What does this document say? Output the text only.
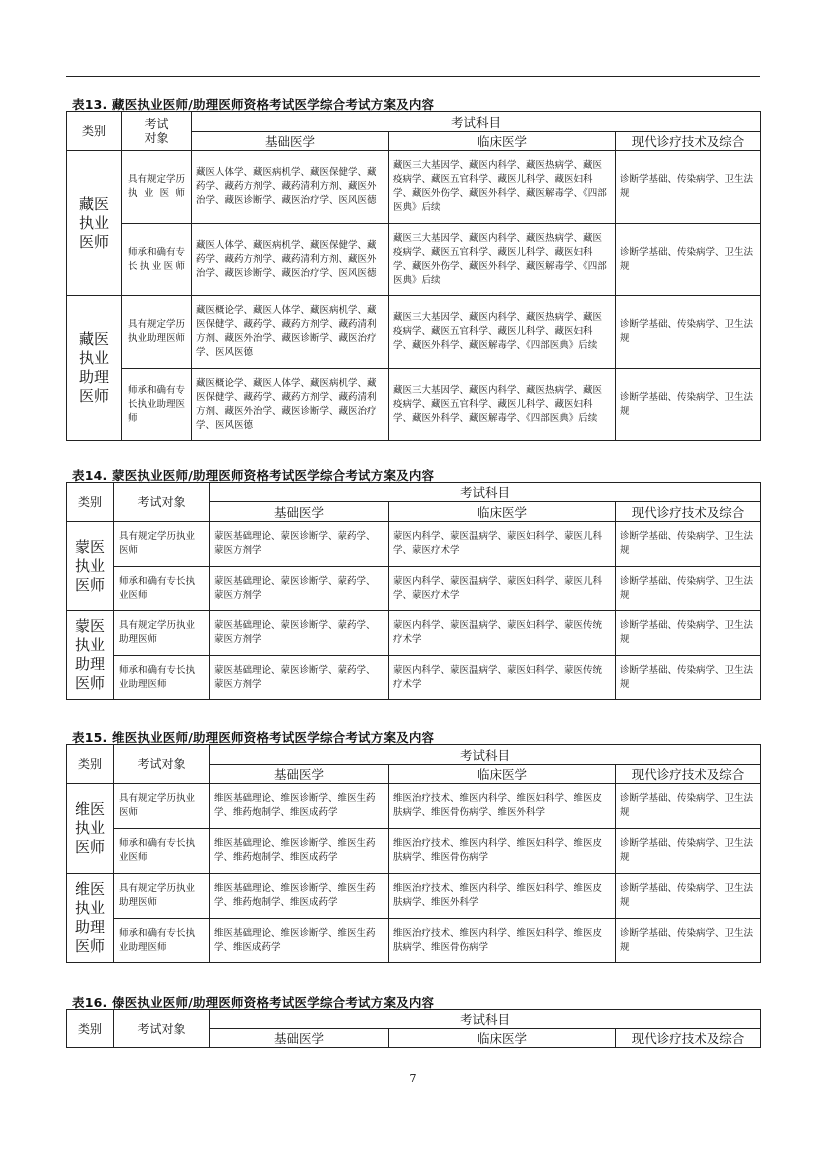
表13. 藏医执业医师/助理医师资格考试医学综合考试方案及内容
类别	考试
对象	考试科目		
		基础医学	临床医学	现代诊疗技术及综合
藏医
执业
医师	具有规定学历执业医师	藏医人体学、藏医病机学、藏医保健学、藏药学、藏药方剂学、藏药清利方剂、藏医外治学、藏医诊断学、藏医治疗学、医风医德	藏医三大基因学、藏医内科学、藏医热病学、藏医疫病学、藏医五官科学、藏医儿科学、藏医妇科学、藏医外伤学、藏医外科学、藏医解毒学、《四部医典》后续	诊断学基础、传染病学、卫生法规
	师承和确有专长执业医师	藏医人体学、藏医病机学、藏医保健学、藏药学、藏药方剂学、藏药清利方剂、藏医外治学、藏医诊断学、藏医治疗学、医风医德	藏医三大基因学、藏医内科学、藏医热病学、藏医疫病学、藏医五官科学、藏医儿科学、藏医妇科学、藏医外伤学、藏医外科学、藏医解毒学、《四部医典》后续	诊断学基础、传染病学、卫生法规
藏医
执业
助理
医师	具有规定学历执业助理医师	藏医概论学、藏医人体学、藏医病机学、藏医保健学、藏药学、藏药方剂学、藏药清利方剂、藏医外治学、藏医诊断学、藏医治疗学、医风医德	藏医三大基因学、藏医内科学、藏医热病学、藏医疫病学、藏医五官科学、藏医儿科学、藏医妇科学、藏医外科学、藏医解毒学、《四部医典》后续	诊断学基础、传染病学、卫生法规
	师承和确有专长执业助理医师	藏医概论学、藏医人体学、藏医病机学、藏医保健学、藏药学、藏药方剂学、藏药清利方剂、藏医外治学、藏医诊断学、藏医治疗学、医风医德	藏医三大基因学、藏医内科学、藏医热病学、藏医疫病学、藏医五官科学、藏医儿科学、藏医妇科学、藏医外科学、藏医解毒学、《四部医典》后续	诊断学基础、传染病学、卫生法规
表14. 蒙医执业医师/助理医师资格考试医学综合考试方案及内容
类别	考试对象	考试科目		
		基础医学	临床医学	现代诊疗技术及综合
蒙医
执业
医师	具有规定学历执业医师	蒙医基础理论、蒙医诊断学、蒙药学、蒙医方剂学	蒙医内科学、蒙医温病学、蒙医妇科学、蒙医儿科学、蒙医疗术学	诊断学基础、传染病学、卫生法规
	师承和确有专长执业医师	蒙医基础理论、蒙医诊断学、蒙药学、蒙医方剂学	蒙医内科学、蒙医温病学、蒙医妇科学、蒙医儿科学、蒙医疗术学	诊断学基础、传染病学、卫生法规
蒙医
执业
助理
医师	具有规定学历执业助理医师	蒙医基础理论、蒙医诊断学、蒙药学、蒙医方剂学	蒙医内科学、蒙医温病学、蒙医妇科学、蒙医传统疗术学	诊断学基础、传染病学、卫生法规
	师承和确有专长执业助理医师	蒙医基础理论、蒙医诊断学、蒙药学、蒙医方剂学	蒙医内科学、蒙医温病学、蒙医妇科学、蒙医传统疗术学	诊断学基础、传染病学、卫生法规
表15. 维医执业医师/助理医师资格考试医学综合考试方案及内容
类别	考试对象	考试科目		
		基础医学	临床医学	现代诊疗技术及综合
维医
执业
医师	具有规定学历执业医师	维医基础理论、维医诊断学、维医生药学、维药炮制学、维医成药学	维医治疗技术、维医内科学、维医妇科学、维医皮肤病学、维医骨伤病学、维医外科学	诊断学基础、传染病学、卫生法规
	师承和确有专长执业医师	维医基础理论、维医诊断学、维医生药学、维药炮制学、维医成药学	维医治疗技术、维医内科学、维医妇科学、维医皮肤病学、维医骨伤病学	诊断学基础、传染病学、卫生法规
维医
执业
助理
医师	具有规定学历执业助理医师	维医基础理论、维医诊断学、维医生药学、维药炮制学、维医成药学	维医治疗技术、维医内科学、维医妇科学、维医皮肤病学、维医外科学	诊断学基础、传染病学、卫生法规
	师承和确有专长执业助理医师	维医基础理论、维医诊断学、维医生药学、维医成药学	维医治疗技术、维医内科学、维医妇科学、维医皮肤病学、维医骨伤病学	诊断学基础、传染病学、卫生法规
表16. 傣医执业医师/助理医师资格考试医学综合考试方案及内容
类别	考试对象	考试科目		
		基础医学	临床医学	现代诊疗技术及综合
7
